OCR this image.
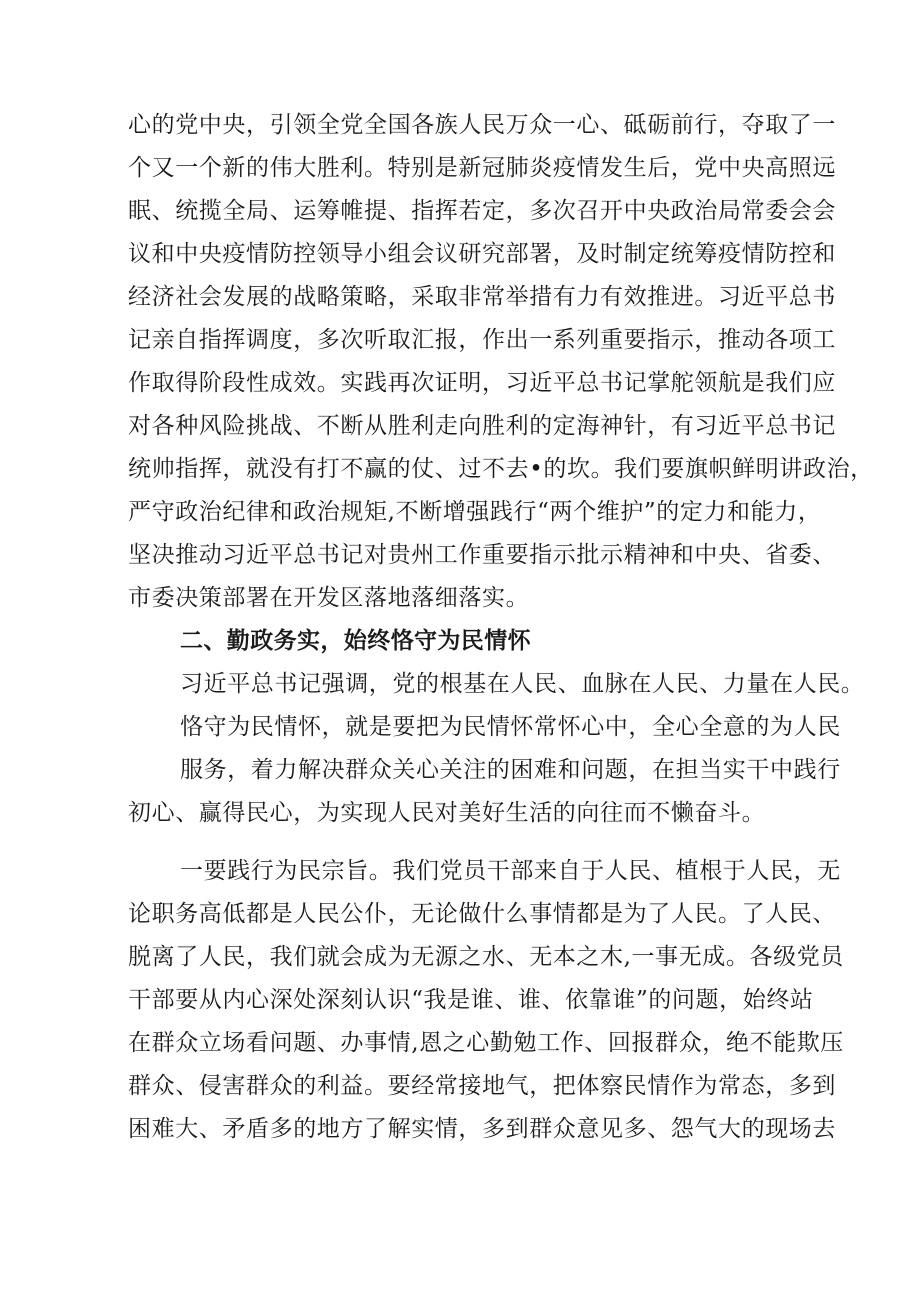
心的党中央，引领全党全国各族人民万众一心、砥砺前行，夺取了一
个又一个新的伟大胜利。特别是新冠肺炎疫情发生后，党中央高照远
眠、统揽全局、运筹帷提、指挥若定，多次召开中央政治局常委会会
议和中央疫情防控领导小组会议研究部署，及时制定统筹疫情防控和
经济社会发展的战略策略，采取非常举措有力有效推进。习近平总书
记亲自指挥调度，多次听取汇报，作出一系列重要指示，推动各项工
作取得阶段性成效。实践再次证明，习近平总书记掌舵领航是我们应
对各种风险挑战、不断从胜利走向胜利的定海神针，有习近平总书记
统帅指挥，就没有打不赢的仗、过不去•的坎。我们要旗帜鲜明讲政治，
严守政治纪律和政治规矩,不断增强践行“两个维护”的定力和能力，
坚决推动习近平总书记对贵州工作重要指示批示精神和中央、省委、
市委决策部署在开发区落地落细落实。
二、勤政务实，始终恪守为民情怀
习近平总书记强调，党的根基在人民、血脉在人民、力量在人民。
恪守为民情怀，就是要把为民情怀常怀心中，全心全意的为人民
服务，着力解决群众关心关注的困难和问题，在担当实干中践行
初心、赢得民心，为实现人民对美好生活的向往而不懒奋斗。
一要践行为民宗旨。我们党员干部来自于人民、植根于人民，无
论职务高低都是人民公仆，无论做什么事情都是为了人民。了人民、
脱离了人民，我们就会成为无源之水、无本之木,一事无成。各级党员
干部要从内心深处深刻认识“我是谁、谁、依靠谁”的问题，始终站
在群众立场看问题、办事情,恩之心勤勉工作、回报群众，绝不能欺压
群众、侵害群众的利益。要经常接地气，把体察民情作为常态，多到
困难大、矛盾多的地方了解实情，多到群众意见多、怨气大的现场去
